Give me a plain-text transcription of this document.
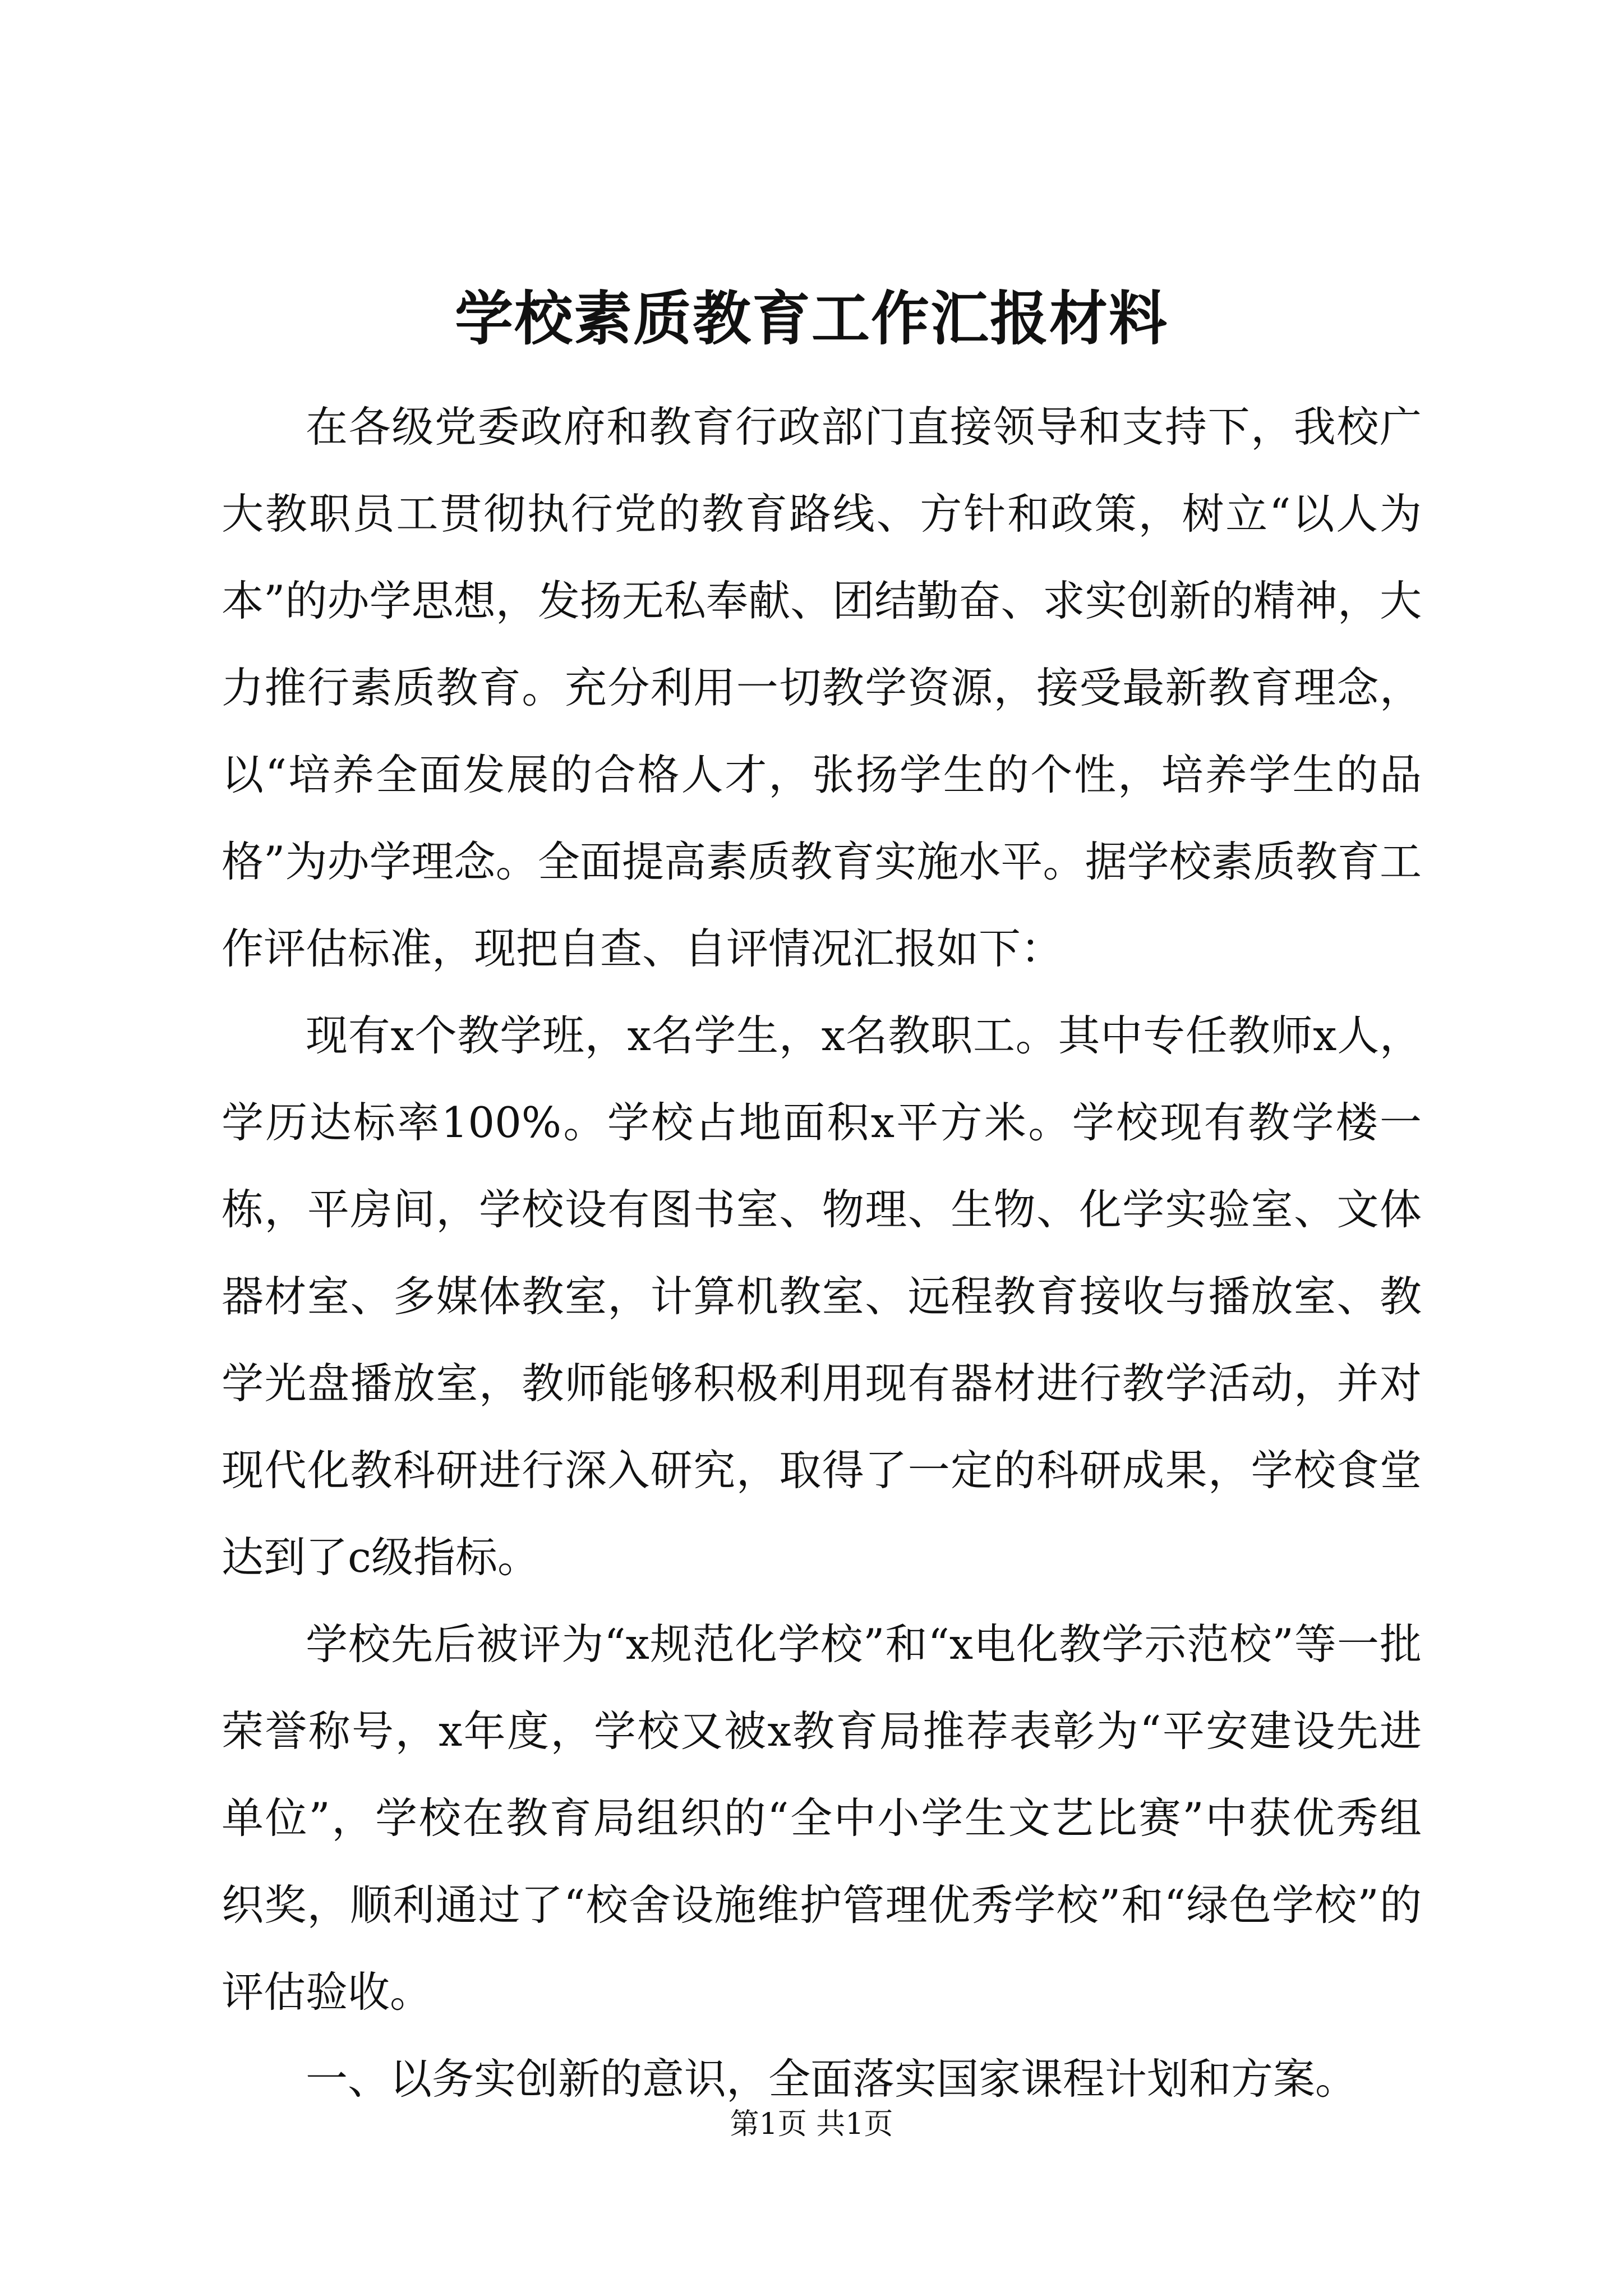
学校素质教育工作汇报材料

在各级党委政府和教育行政部门直接领导和支持下，我校广大教职员工贯彻执行党的教育路线、方针和政策，树立“以人为本”的办学思想，发扬无私奉献、团结勤奋、求实创新的精神，大力推行素质教育。充分利用一切教学资源，接受最新教育理念，以“培养全面发展的合格人才，张扬学生的个性，培养学生的品格”为办学理念。全面提高素质教育实施水平。据学校素质教育工作评估标准，现把自查、自评情况汇报如下：

现有x个教学班，x名学生，x名教职工。其中专任教师x人，学历达标率100%。学校占地面积x平方米。学校现有教学楼一栋，平房间，学校设有图书室、物理、生物、化学实验室、文体器材室、多媒体教室，计算机教室、远程教育接收与播放室、教学光盘播放室，教师能够积极利用现有器材进行教学活动，并对现代化教科研进行深入研究，取得了一定的科研成果，学校食堂达到了c级指标。

学校先后被评为“x规范化学校”和“x电化教学示范校”等一批荣誉称号，x年度，学校又被x教育局推荐表彰为“平安建设先进单位”，学校在教育局组织的“全中小学生文艺比赛”中获优秀组织奖，顺利通过了“校舍设施维护管理优秀学校”和“绿色学校”的评估验收。

一、以务实创新的意识，全面落实国家课程计划和方案。

第1页 共1页
